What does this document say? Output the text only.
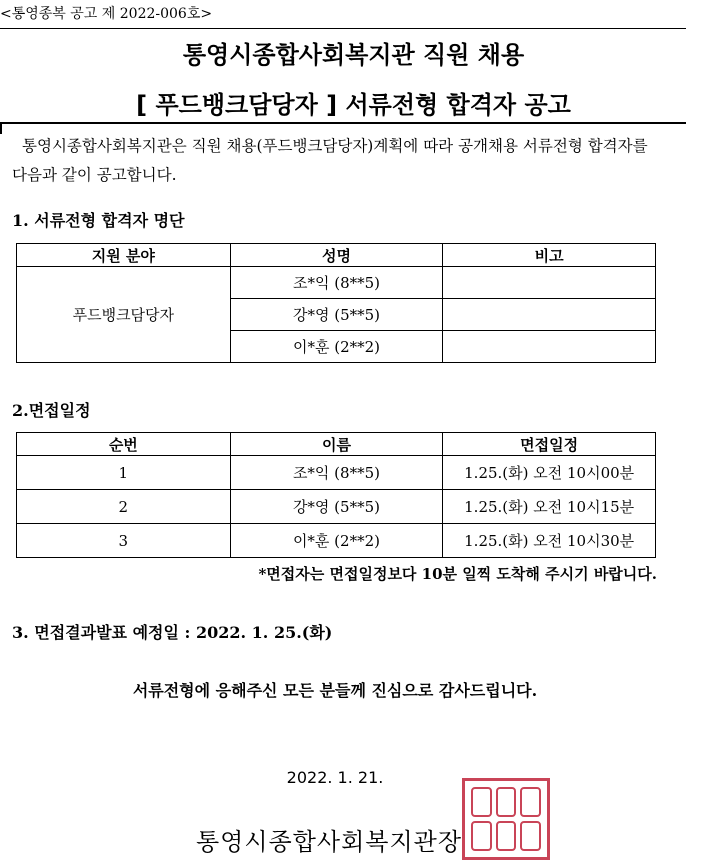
<통영종복 공고 제 2022-006호>
통영시종합사회복지관 직원 채용
[ 푸드뱅크담당자 ] 서류전형 합격자 공고
통영시종합사회복지관은 직원 채용(푸드뱅크담당자)계획에 따라 공개채용 서류전형 합격자를 다음과 같이 공고합니다.
1. 서류전형 합격자 명단
지원 분야	성명	비고
푸드뱅크담당자	조*익 (8**5)	
	강*영 (5**5)	
	이*훈 (2**2)	
2.면접일정
순번	이름	면접일정
1	조*익 (8**5)	1.25.(화) 오전 10시00분
2	강*영 (5**5)	1.25.(화) 오전 10시15분
3	이*훈 (2**2)	1.25.(화) 오전 10시30분
*면접자는 면접일정보다 10분 일찍 도착해 주시기 바랍니다.
3. 면접결과발표 예정일 : 2022. 1. 25.(화)
서류전형에 응해주신 모든 분들께 진심으로 감사드립니다.
2022. 1. 21.
통영시종합사회복지관장
